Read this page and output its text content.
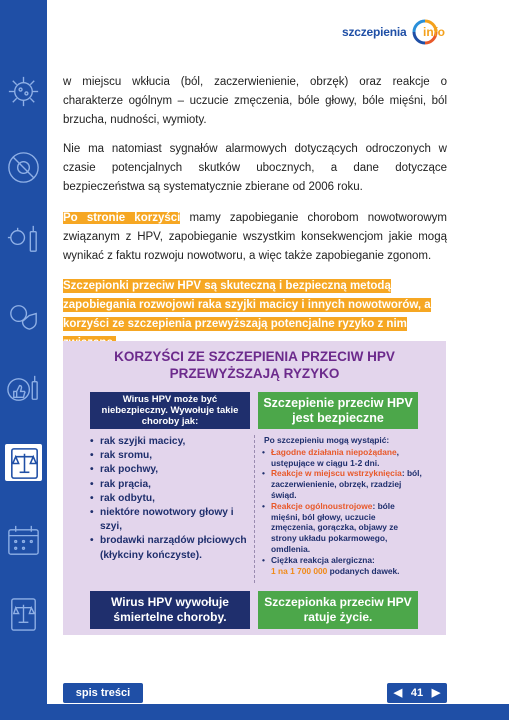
szczepienia info

w miejscu wkłucia (ból, zaczerwienienie, obrzęk) oraz reakcje o charakterze ogólnym – uczucie zmęczenia, bóle głowy, bóle mięśni, ból brzucha, nudności, wymioty.

Nie ma natomiast sygnałów alarmowych dotyczących odroczonych w czasie potencjalnych skutków ubocznych, a dane dotyczące bezpieczeństwa są systematycznie zbierane od 2006 roku.

Po stronie korzyści mamy zapobieganie chorobom nowotworowym związanym z HPV, zapobieganie wszystkim konsekwencjom jakie mogą wynikać z faktu rozwoju nowotworu, a więc także zapobieganie zgonom.

Szczepionki przeciw HPV są skuteczną i bezpieczną metodą zapobiegania rozwojowi raka szyjki macicy i innych nowotworów, a korzyści ze szczepienia przewyższają potencjalne ryzyko z nim

KORZYŚCI ZE SZCZEPIENIA PRZECIW HPV
PRZEWYŻSZAJĄ RYZYKO
Wirus HPV może być niebezpieczny. Wywołuje takie choroby jak:
Szczepienie przeciw HPV jest bezpieczne
• rak szyjki macicy,
• rak sromu,
• rak pochwy,
• rak prącia,
• rak odbytu,
• niektóre nowotwory głowy i szyi,
• brodawki narządów płciowych (kłykciny kończyste).

Po szczepieniu mogą wystąpić:

• Łagodne działania niepożądane, ustępujące w ciągu 1-2 dni.
• Reakcje w miejscu wstrzyknięcia: ból, zaczerwienienie, obrzęk, rzadziej świąd.
• Reakcje ogólnoustrojowe: bóle mięśni, ból głowy, uczucie zmęczenia, gorączka, objawy ze strony układu pokarmowego, omdlenia.
• Ciężka reakcja alergiczna:
1 na 1 700 000 podanych dawek.
Wirus HPV wywołuje śmiertelne choroby.
Szczepionka przeciw HPV ratuje życie.
spis treści	◀ 41 ▶
